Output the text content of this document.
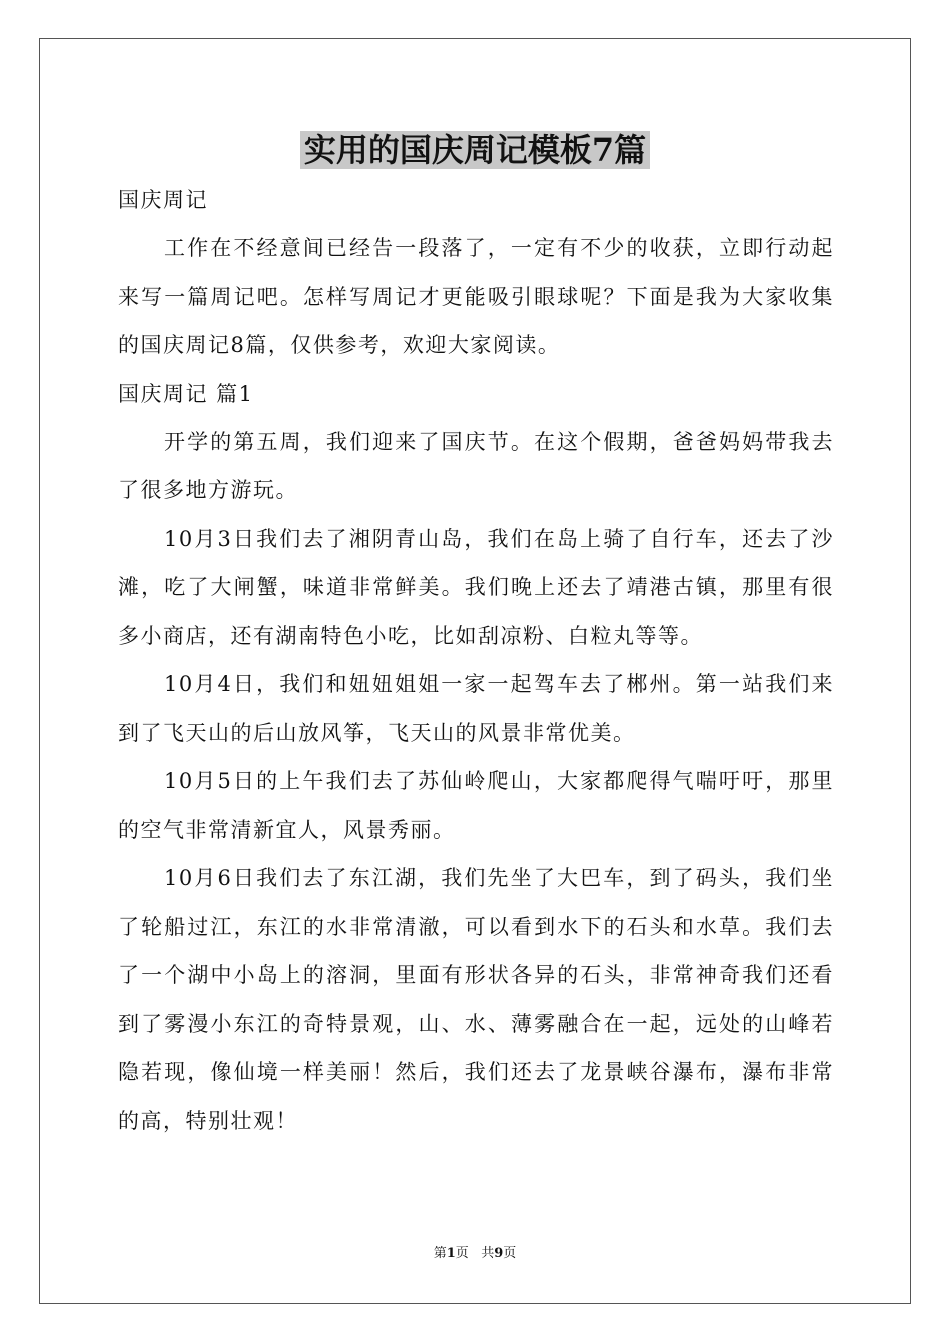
实用的国庆周记模板7篇

国庆周记

工作在不经意间已经告一段落了，一定有不少的收获，立即行动起来写一篇周记吧。怎样写周记才更能吸引眼球呢？下面是我为大家收集的国庆周记8篇，仅供参考，欢迎大家阅读。

国庆周记 篇1

开学的第五周，我们迎来了国庆节。在这个假期，爸爸妈妈带我去了很多地方游玩。

10月3日我们去了湘阴青山岛，我们在岛上骑了自行车，还去了沙滩，吃了大闸蟹，味道非常鲜美。我们晚上还去了靖港古镇，那里有很多小商店，还有湖南特色小吃，比如刮凉粉、白粒丸等等。

10月4日，我们和妞妞姐姐一家一起驾车去了郴州。第一站我们来到了飞天山的后山放风筝，飞天山的风景非常优美。

10月5日的上午我们去了苏仙岭爬山，大家都爬得气喘吁吁，那里的空气非常清新宜人，风景秀丽。

10月6日我们去了东江湖，我们先坐了大巴车，到了码头，我们坐了轮船过江，东江的水非常清澈，可以看到水下的石头和水草。我们去了一个湖中小岛上的溶洞，里面有形状各异的石头，非常神奇我们还看到了雾漫小东江的奇特景观，山、水、薄雾融合在一起，远处的山峰若隐若现，像仙境一样美丽！然后，我们还去了龙景峡谷瀑布，瀑布非常的高，特别壮观！

第1页 共9页
